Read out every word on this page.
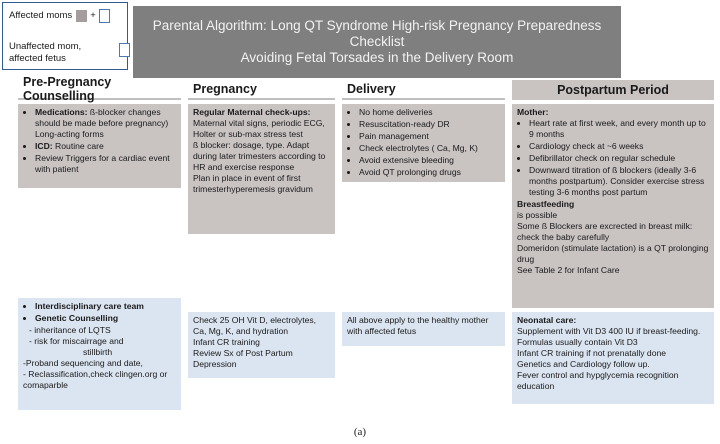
Affected moms +
Unaffected mom, affected fetus
Parental Algorithm: Long QT Syndrome High-risk Pregnancy Preparedness
Checklist
Avoiding Fetal Torsades in the Delivery Room
Pre-Pregnancy Counselling	Pregnancy	Delivery	Postpartum Period
• Medications: ß-blocker changes should be made before pregnancy) Long-acting forms
• ICD: Routine care
• Review Triggers for a cardiac event with patient

Regular Maternal check-ups:

Maternal vital signs, periodic ECG, Holter or sub-max stress test

ß blocker: dosage, type. Adapt during later trimesters according to HR and exercise response

Plan in place in event of first trimesterhyperemesis gravidum

• No home deliveries
• Resuscitation-ready DR
• Pain management
• Check electrolytes ( Ca, Mg, K)
• Avoid extensive bleeding
• Avoid QT prolonging drugs

Mother:

• Heart rate at first week, and every month up to 9 months
• Cardiology check at ~6 weeks
• Defibrillator check on regular schedule
• Downward titration of ß blockers (ideally 3-6 months postpartum). Consider exercise stress testing 3-6 months post partum

Breastfeeding

is possible

Some ß Blockers are excrected in breast milk: check the baby carefully

Domeridon (stimulate lactation) is a QT prolonging drug

See Table 2 for Infant Care

• Interdisciplinary care team
• Genetic Counselling

- inheritance of LQTS

- risk for miscairrage and

stillbirth

-Proband sequencing and date,

- Reclassification,check clingen.org or comaparble

Check 25 OH Vit D, electrolytes, Ca, Mg, K, and hydration

Infant CR training

Review Sx of Post Partum Depression

All above apply to the healthy mother with affected fetus

Neonatal care:

Supplement with Vit D3 400 IU if breast-feeding. Formulas usually contain Vit D3

Infant CR training if not prenatally done

Genetics and Cardiology follow up.

Fever control and hypglycemia recognition education

(a)
